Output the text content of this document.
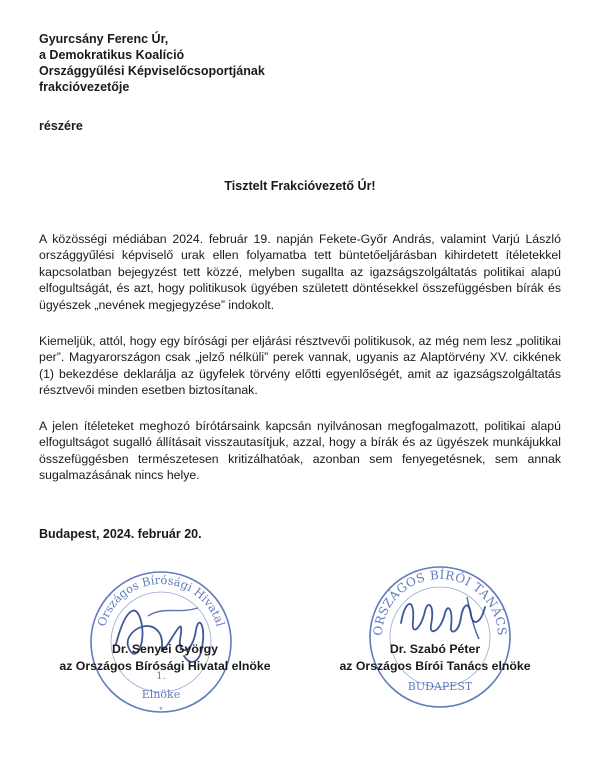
Gyurcsány Ferenc Úr,
a Demokratikus Koalíció
Országgyűlési Képviselőcsoportjának
frakcióvezetője
részére
Tisztelt Frakcióvezető Úr!

A közösségi médiában 2024. február 19. napján Fekete-Győr András, valamint Varjú László országgyűlési képviselő urak ellen folyamatba tett büntetőeljárásban kihirdetett ítéletekkel kapcsolatban bejegyzést tett közzé, melyben sugallta az igazságszolgáltatás politikai alapú elfogultságát, és azt, hogy politikusok ügyében született döntésekkel összefüggésben bírák és ügyészek „nevének megjegyzése” indokolt.

Kiemeljük, attól, hogy egy bírósági per eljárási résztvevői politikusok, az még nem lesz „politikai per”. Magyarországon csak „jelző nélküli” perek vannak, ugyanis az Alaptörvény XV. cikkének (1) bekezdése deklarálja az ügyfelek törvény előtti egyenlőségét, amit az igazságszolgáltatás résztvevői minden esetben biztosítanak.

A jelen ítéleteket meghozó bírótársaink kapcsán nyilvánosan megfogalmazott, politikai alapú elfogultságot sugalló állításait visszautasítjuk, azzal, hogy a bírák és az ügyészek munkájukkal összefüggésben természetesen kritizálhatóak, azonban sem fenyegetésnek, sem annak sugalmazásának nincs helye.

Budapest, 2024. február 20.
Országos Bírósági Hivatal
1.
Elnöke
*
ORSZÁGOS BÍRÓI TANÁCS
BUDAPEST
Dr. Senyei György
az Országos Bírósági Hivatal elnöke
Dr. Szabó Péter
az Országos Bírói Tanács elnöke
